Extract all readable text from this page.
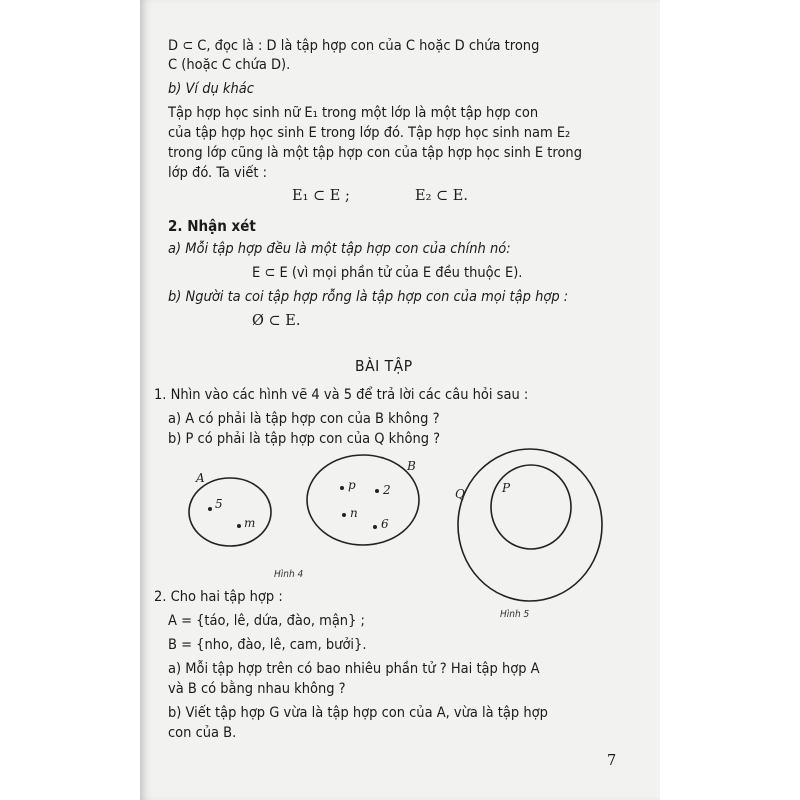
D ⊂ C, đọc là : D là tập hợp con của C hoặc D chứa trong
C (hoặc C chứa D).
b) Ví dụ khác
Tập hợp học sinh nữ E₁ trong một lớp là một tập hợp con
của tập hợp học sinh E trong lớp đó. Tập hợp học sinh nam E₂
trong lớp cũng là một tập hợp con của tập hợp học sinh E trong
lớp đó. Ta viết :
E₁ ⊂ E ;	E₂ ⊂ E.
2. Nhận xét
a) Mỗi tập hợp đều là một tập hợp con của chính nó:
E ⊂ E (vì mọi phần tử của E đều thuộc E).
b) Người ta coi tập hợp rỗng là tập hợp con của mọi tập hợp :
Ø ⊂ E.
BÀI TẬP
1. Nhìn vào các hình vẽ 4 và 5 để trả lời các câu hỏi sau :
a) A có phải là tập hợp con của B không ?
b) P có phải là tập hợp con của Q không ?
A
5
m
B
p 2
n
6
Hình 4
Q	P
Hình 5
2. Cho hai tập hợp :
A = {táo, lê, dứa, đào, mận} ;
B = {nho, đào, lê, cam, bưởi}.
a) Mỗi tập hợp trên có bao nhiêu phần tử ? Hai tập hợp A
và B có bằng nhau không ?
b) Viết tập hợp G vừa là tập hợp con của A, vừa là tập hợp
con của B.
7
